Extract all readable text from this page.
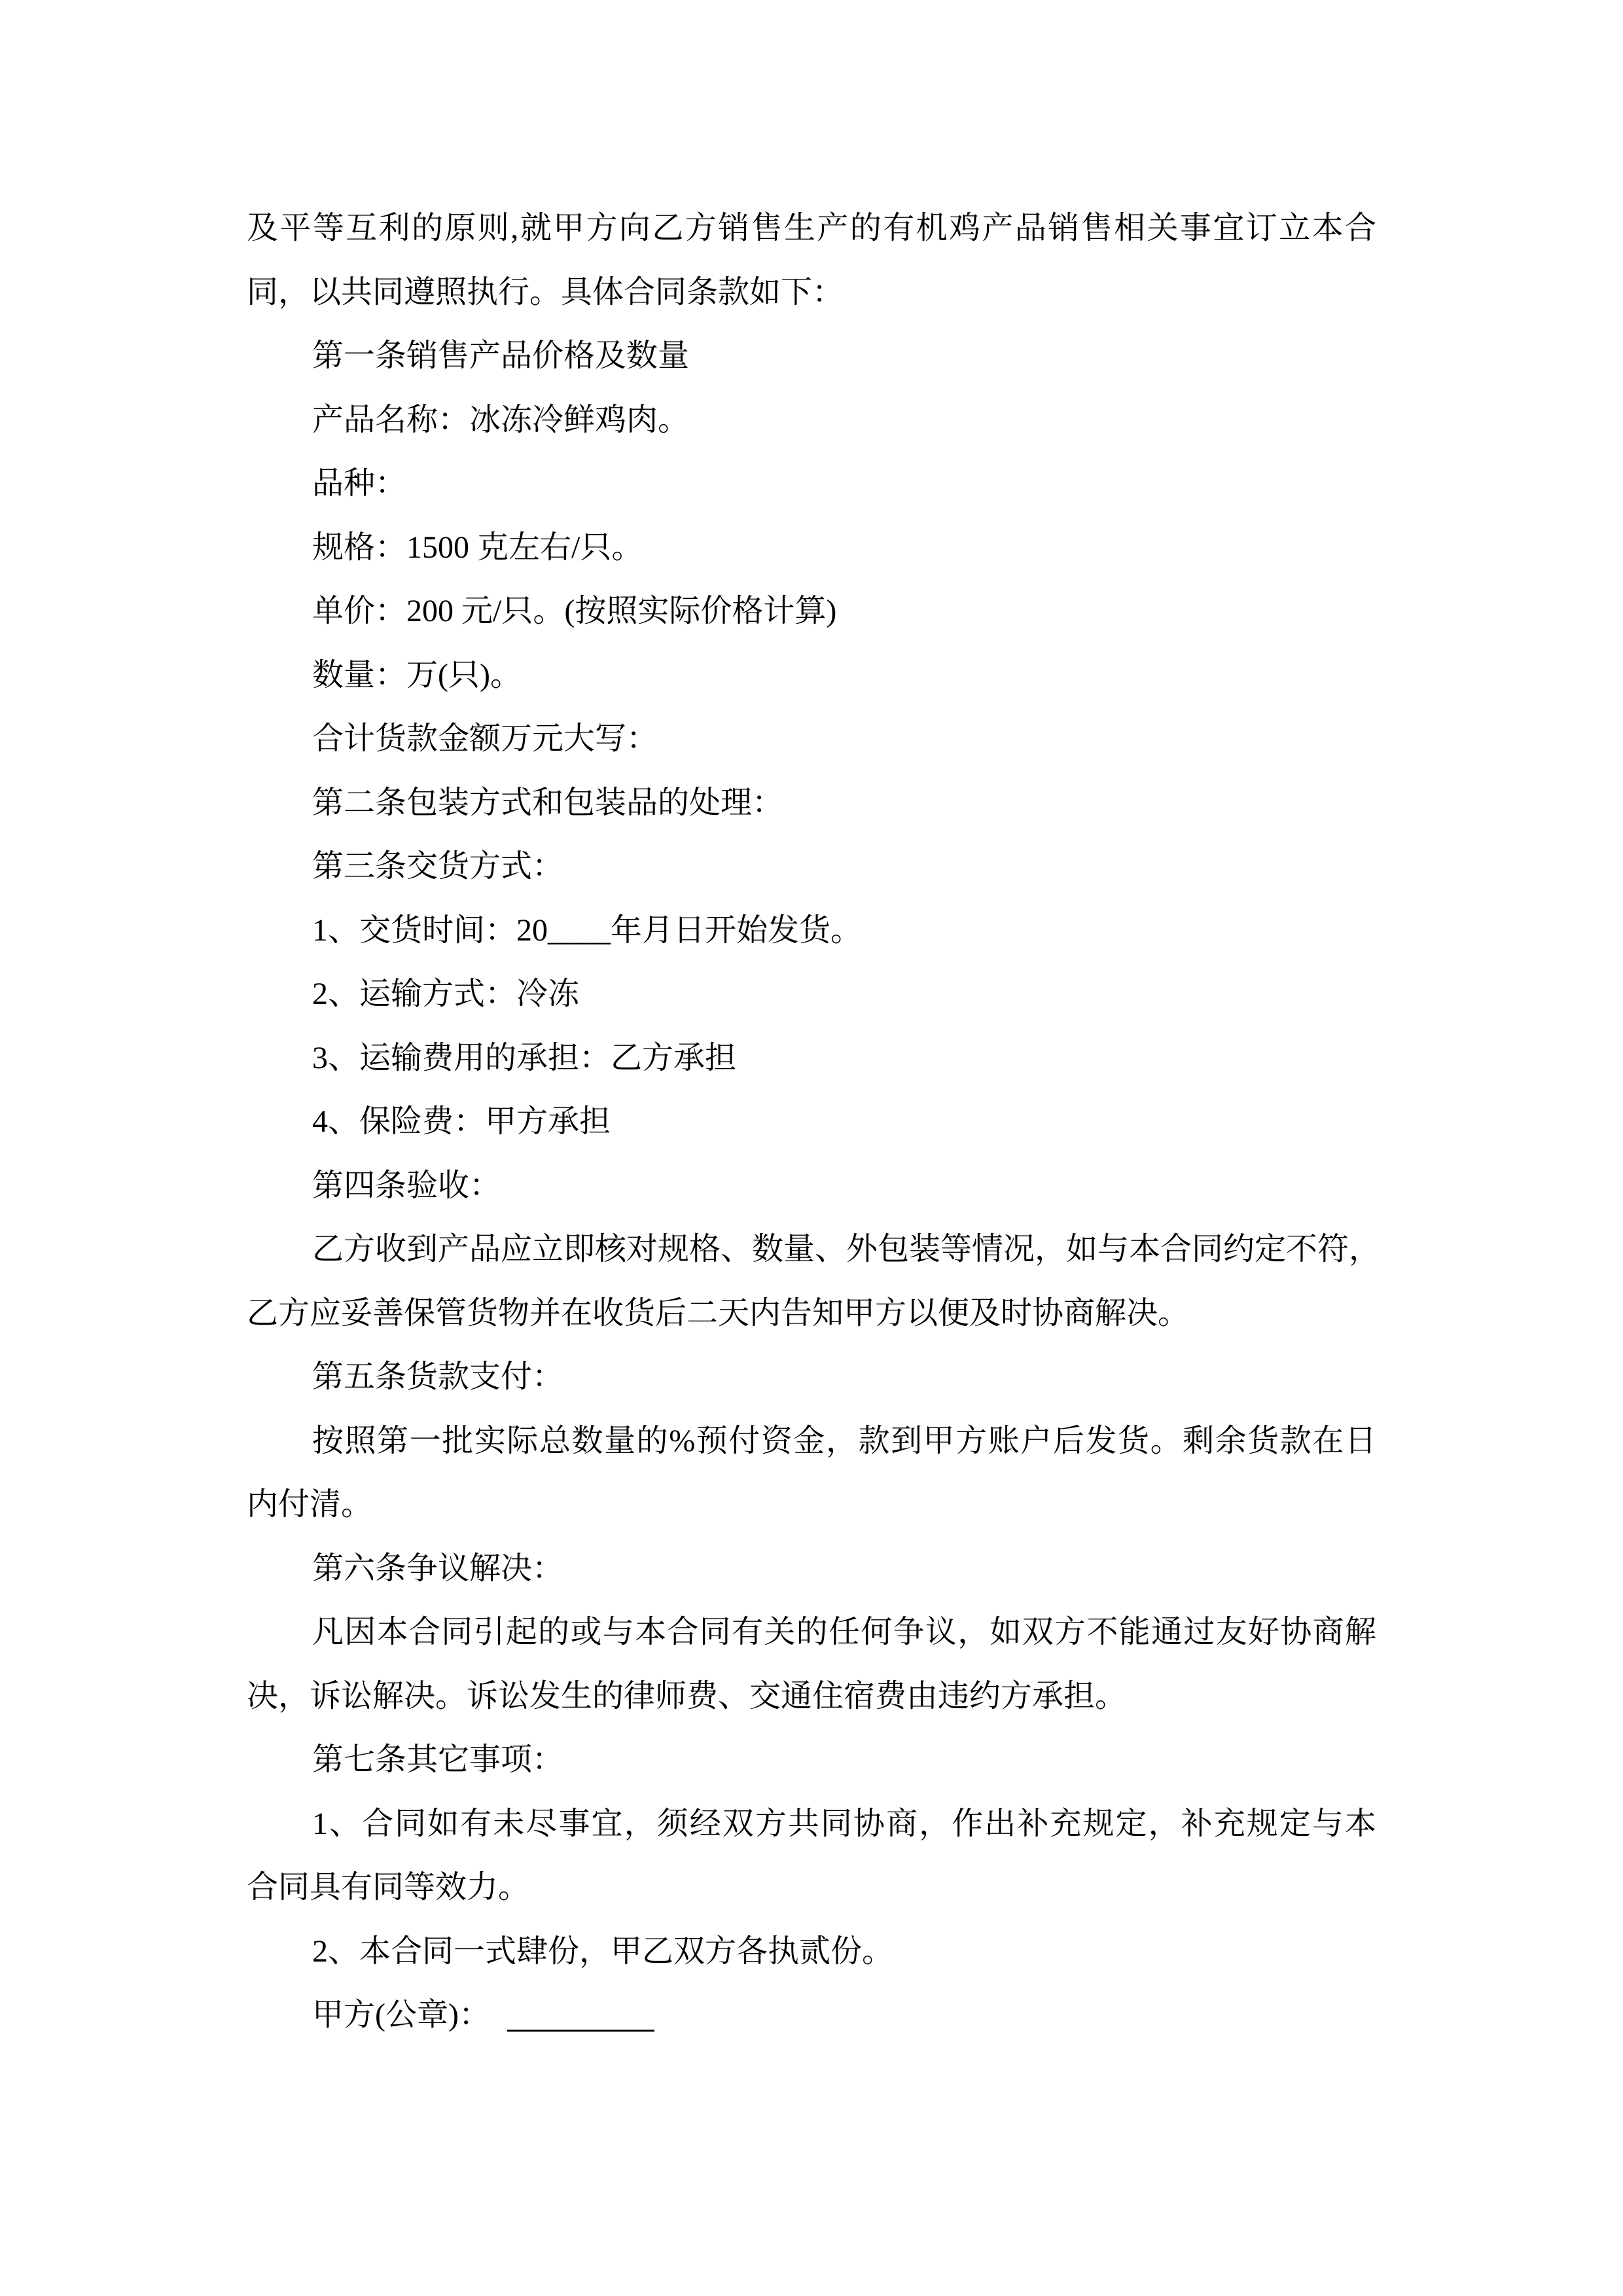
及平等互利的原则,就甲方向乙方销售生产的有机鸡产品销售相关事宜订立本合
同，以共同遵照执行。具体合同条款如下：
第一条销售产品价格及数量
产品名称：冰冻冷鲜鸡肉。
品种：
规格：1500 克左右/只。
单价：200 元/只。(按照实际价格计算)
数量：万(只)。
合计货款金额万元大写：
第二条包装方式和包装品的处理：
第三条交货方式：
1、交货时间：20____年月日开始发货。
2、运输方式：冷冻
3、运输费用的承担：乙方承担
4、保险费：甲方承担
第四条验收：
乙方收到产品应立即核对规格、数量、外包装等情况，如与本合同约定不符，
乙方应妥善保管货物并在收货后二天内告知甲方以便及时协商解决。
第五条货款支付：
按照第一批实际总数量的%预付资金，款到甲方账户后发货。剩余货款在日
内付清。
第六条争议解决：
凡因本合同引起的或与本合同有关的任何争议，如双方不能通过友好协商解
决，诉讼解决。诉讼发生的律师费、交通住宿费由违约方承担。
第七条其它事项：
1、合同如有未尽事宜，须经双方共同协商，作出补充规定，补充规定与本
合同具有同等效力。
2、本合同一式肆份，甲乙双方各执贰份。
甲方(公章)：
